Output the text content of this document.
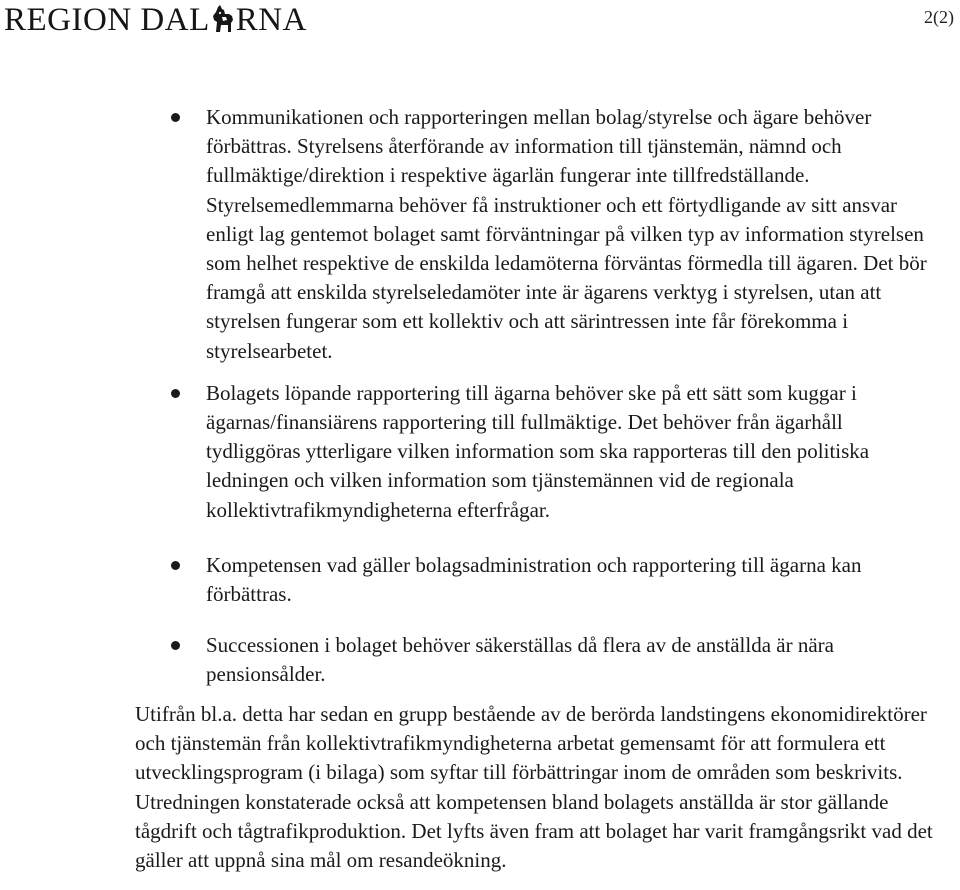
REGION DAL RNA	2(2)
Kommunikationen och rapporteringen mellan bolag/styrelse och ägare behöver förbättras. Styrelsens återförande av information till tjänstemän, nämnd och fullmäktige/direktion i respektive ägarlän fungerar inte tillfredställande. Styrelsemedlemmarna behöver få instruktioner och ett förtydligande av sitt ansvar enligt lag gentemot bolaget samt förväntningar på vilken typ av information styrelsen som helhet respektive de enskilda ledamöterna förväntas förmedla till ägaren. Det bör framgå att enskilda styrelseledamöter inte är ägarens verktyg i styrelsen, utan att styrelsen fungerar som ett kollektiv och att särintressen inte får förekomma i styrelsearbetet.
Bolagets löpande rapportering till ägarna behöver ske på ett sätt som kuggar i ägarnas/finansiärens rapportering till fullmäktige. Det behöver från ägarhåll tydliggöras ytterligare vilken information som ska rapporteras till den politiska ledningen och vilken information som tjänstemännen vid de regionala kollektivtrafikmyndigheterna efterfrågar.
Kompetensen vad gäller bolagsadministration och rapportering till ägarna kan förbättras.
Successionen i bolaget behöver säkerställas då flera av de anställda är nära pensionsålder.

Utifrån bl.a. detta har sedan en grupp bestående av de berörda landstingens ekonomidirektörer och tjänstemän från kollektivtrafikmyndigheterna arbetat gemensamt för att formulera ett utvecklingsprogram (i bilaga) som syftar till förbättringar inom de områden som beskrivits. Utredningen konstaterade också att kompetensen bland bolagets anställda är stor gällande tågdrift och tågtrafikproduktion. Det lyfts även fram att bolaget har varit framgångsrikt vad det gäller att uppnå sina mål om resandeökning.
